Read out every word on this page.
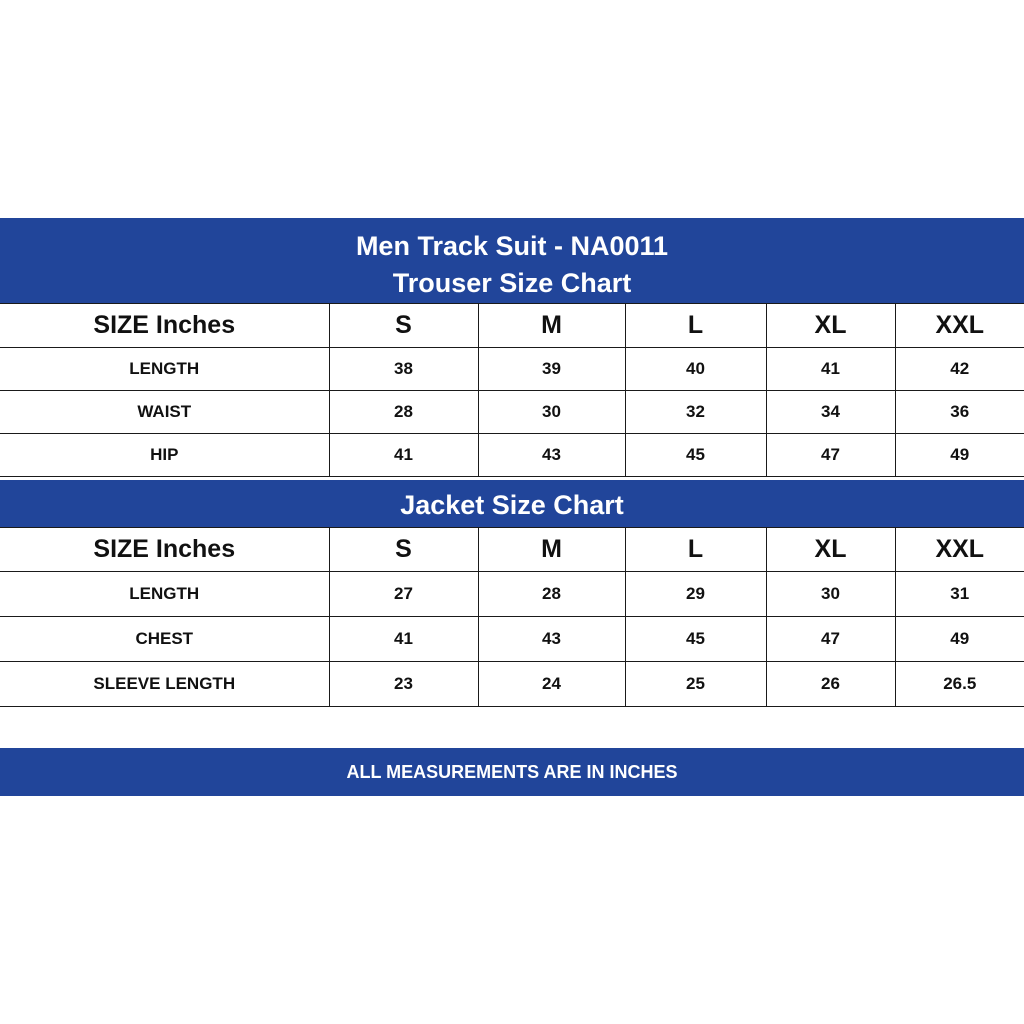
Men Track Suit - NA0011
Trouser Size Chart
SIZE Inches	S	M	L	XL	XXL
LENGTH	38	39	40	41	42
WAIST	28	30	32	34	36
HIP	41	43	45	47	49
Jacket Size Chart
SIZE Inches	S	M	L	XL	XXL
LENGTH	27	28	29	30	31
CHEST	41	43	45	47	49
SLEEVE LENGTH	23	24	25	26	26.5
ALL MEASUREMENTS ARE IN INCHES
